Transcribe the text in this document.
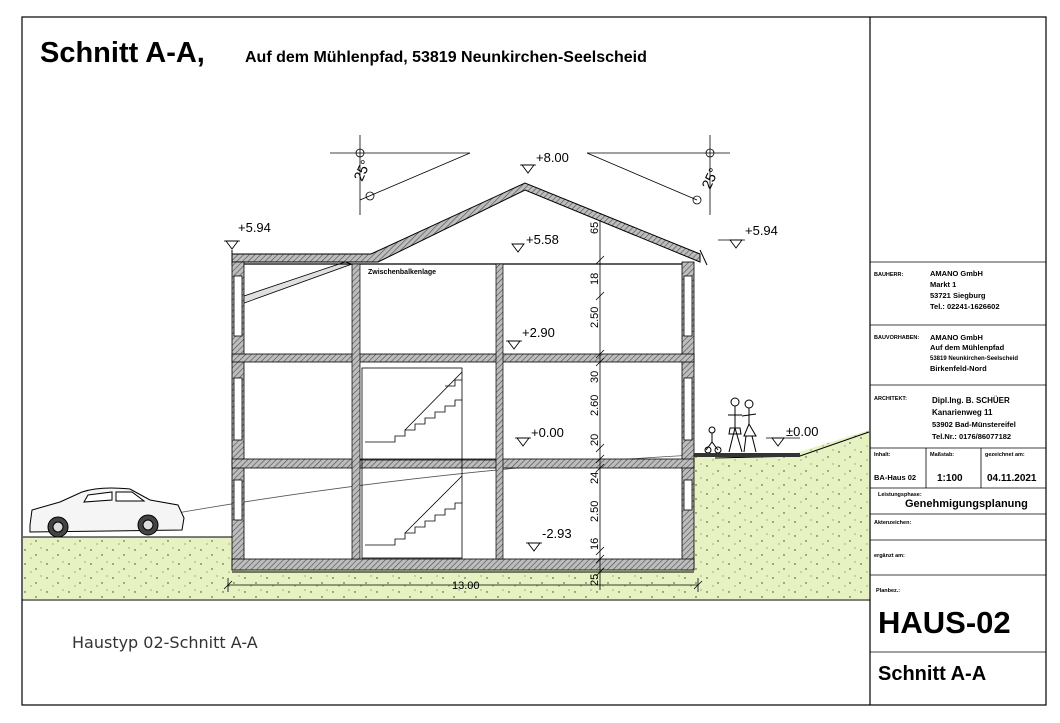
Schnitt A-A,	Auf dem Mühlenpfad, 53819 Neunkirchen-Seelscheid
Zwischenbalkenlage
25°	25°
+8.00
+5.94	+5.94
+5.58
+2.90
+0.00	±0.00
-2.93
65
18
2.50
30
2.60
20
24
2.50
16
25
13.00
Haustyp 02-Schnitt A-A
BAUHERR:	AMANO GmbH
Markt 1
53721 Siegburg
Tel.: 02241-1626602
BAUVORHABEN: AMANO GmbH
Auf dem Mühlenpfad
53819 Neunkirchen-Seelscheid
Birkenfeld-Nord
ARCHITEKT:	Dipl.Ing. B. SCHÜER
Kanarienweg 11
53902 Bad-Münstereifel
Tel.Nr.: 0176/86077182
Inhalt:
BA-Haus 02
Maßstab:
1:100
gezeichnet am:
04.11.2021
Leistungsphase:
Genehmigungsplanung
Aktenzeichen:
ergänzt am:
Planbez.:
HAUS-02
Schnitt A-A
